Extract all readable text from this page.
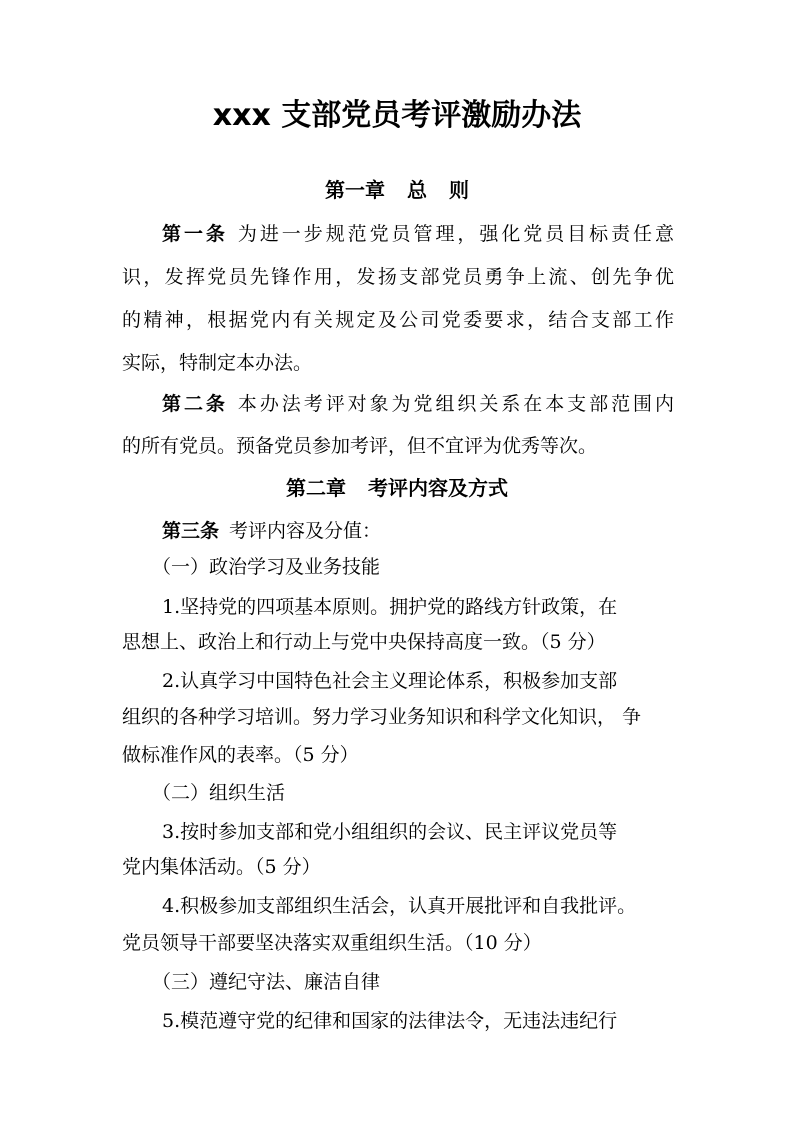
xxx 支部党员考评激励办法
第一章 总 则
第一条 为进一步规范党员管理，强化党员目标责任意
识，发挥党员先锋作用，发扬支部党员勇争上流、创先争优
的精神，根据党内有关规定及公司党委要求，结合支部工作
实际，特制定本办法。
第二条 本办法考评对象为党组织关系在本支部范围内
的所有党员。预备党员参加考评，但不宜评为优秀等次。
第二章 考评内容及方式
第三条 考评内容及分值：
（一）政治学习及业务技能
1.坚持党的四项基本原则。拥护党的路线方针政策，在
思想上、政治上和行动上与党中央保持高度一致。（5 分）
2.认真学习中国特色社会主义理论体系，积极参加支部
组织的各种学习培训。努力学习业务知识和科学文化知识， 争
做标准作风的表率。（5 分）
（二）组织生活
3.按时参加支部和党小组组织的会议、民主评议党员等
党内集体活动。（5 分）
4.积极参加支部组织生活会，认真开展批评和自我批评。
党员领导干部要坚决落实双重组织生活。（10 分）
（三）遵纪守法、廉洁自律
5.模范遵守党的纪律和国家的法律法令，无违法违纪行
